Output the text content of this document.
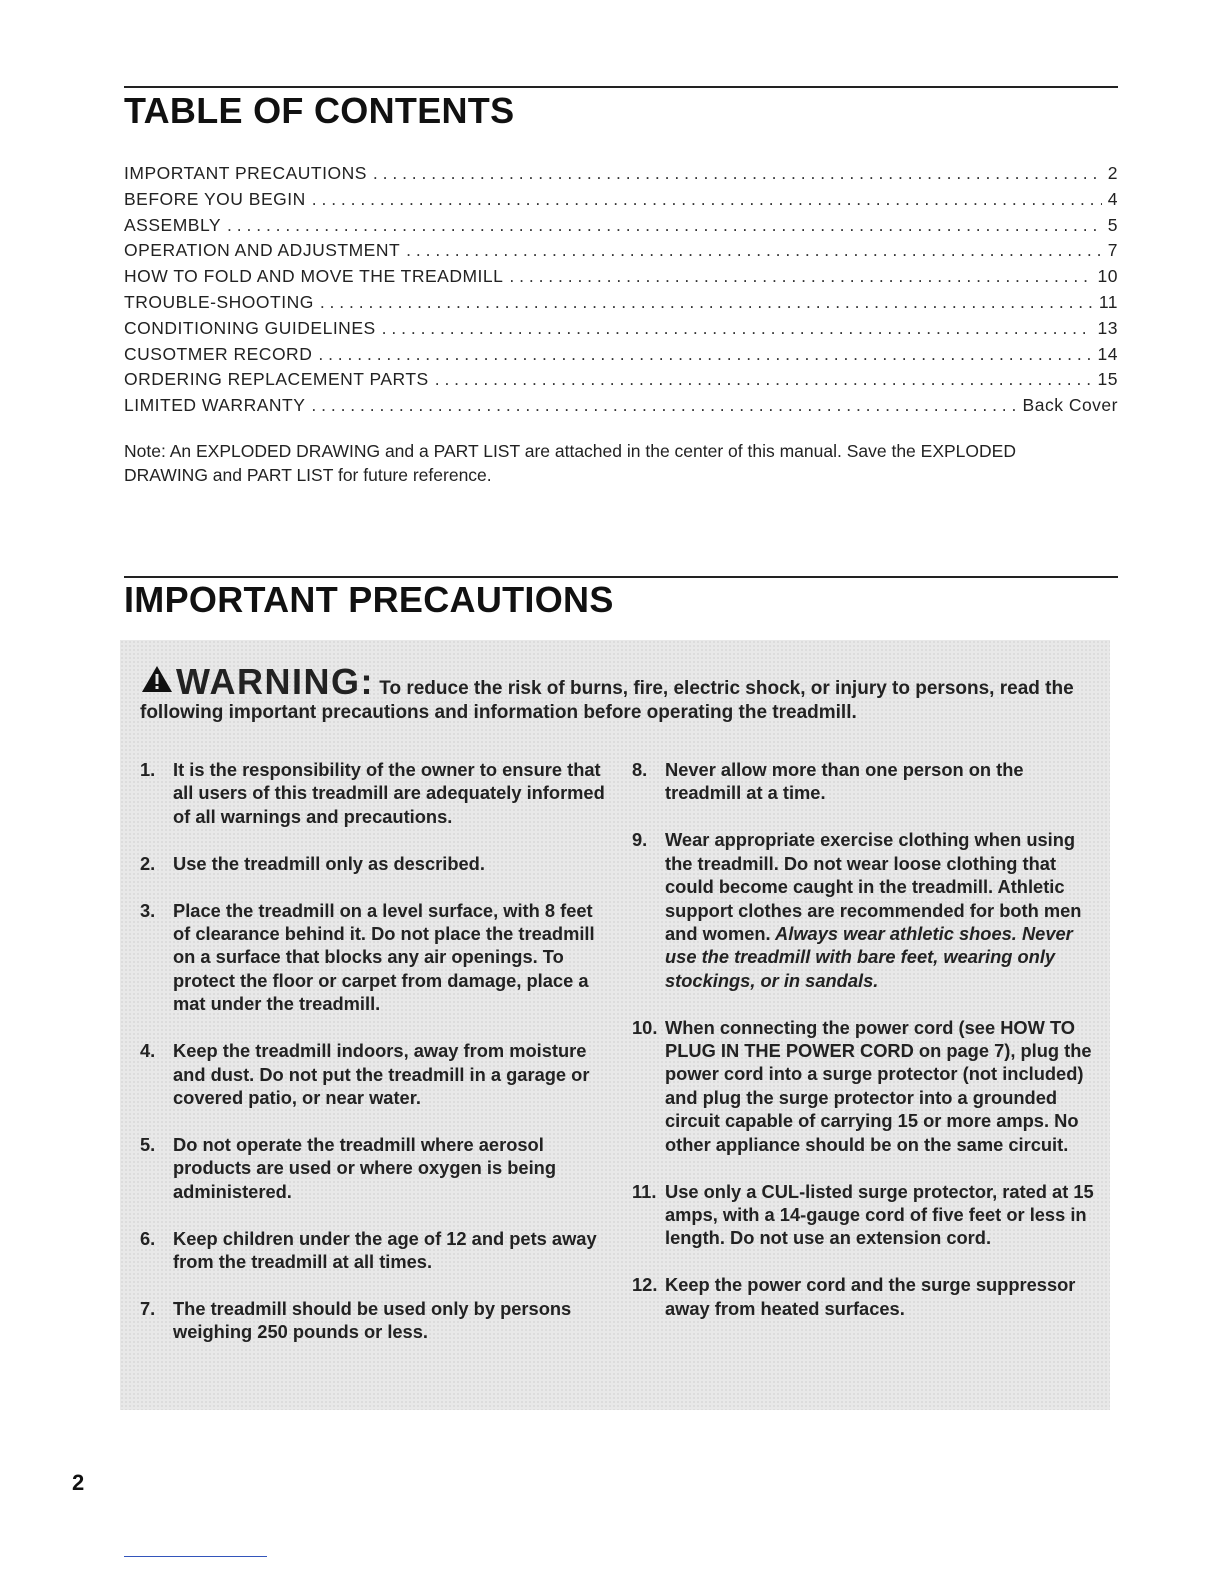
TABLE OF CONTENTS
IMPORTANT PRECAUTIONS . . .	2
BEFORE YOU BEGIN . . .	4
ASSEMBLY . . .	5
OPERATION AND ADJUSTMENT . . .	7
HOW TO FOLD AND MOVE THE TREADMILL . . .	10
TROUBLE-SHOOTING . . .	11
CONDITIONING GUIDELINES . . .	13
CUSOTMER RECORD . . .	14
ORDERING REPLACEMENT PARTS . . .	15
LIMITED WARRANTY . . .	Back Cover
Note: An EXPLODED DRAWING and a PART LIST are attached in the center of this manual. Save the EXPLODED DRAWING and PART LIST for future reference.
IMPORTANT PRECAUTIONS
WARNING: To reduce the risk of burns, fire, electric shock, or injury to persons, read the following important precautions and information before operating the treadmill.
1. It is the responsibility of the owner to ensure that all users of this treadmill are adequately informed of all warnings and precautions.
2. Use the treadmill only as described.
3. Place the treadmill on a level surface, with 8 feet of clearance behind it. Do not place the treadmill on a surface that blocks any air openings. To protect the floor or carpet from damage, place a mat under the treadmill.
4. Keep the treadmill indoors, away from moisture and dust. Do not put the treadmill in a garage or covered patio, or near water.
5. Do not operate the treadmill where aerosol products are used or where oxygen is being administered.
6. Keep children under the age of 12 and pets away from the treadmill at all times.
7. The treadmill should be used only by persons weighing 250 pounds or less.
8. Never allow more than one person on the treadmill at a time.
9. Wear appropriate exercise clothing when using the treadmill. Do not wear loose clothing that could become caught in the treadmill. Athletic support clothes are recommended for both men and women. Always wear athletic shoes. Never use the treadmill with bare feet, wearing only stockings, or in sandals.
10. When connecting the power cord (see HOW TO PLUG IN THE POWER CORD on page 7), plug the power cord into a surge protector (not included) and plug the surge protector into a grounded circuit capable of carrying 15 or more amps. No other appliance should be on the same circuit.
11. Use only a CUL-listed surge protector, rated at 15 amps, with a 14-gauge cord of five feet or less in length. Do not use an extension cord.
12. Keep the power cord and the surge suppressor away from heated surfaces.
2
